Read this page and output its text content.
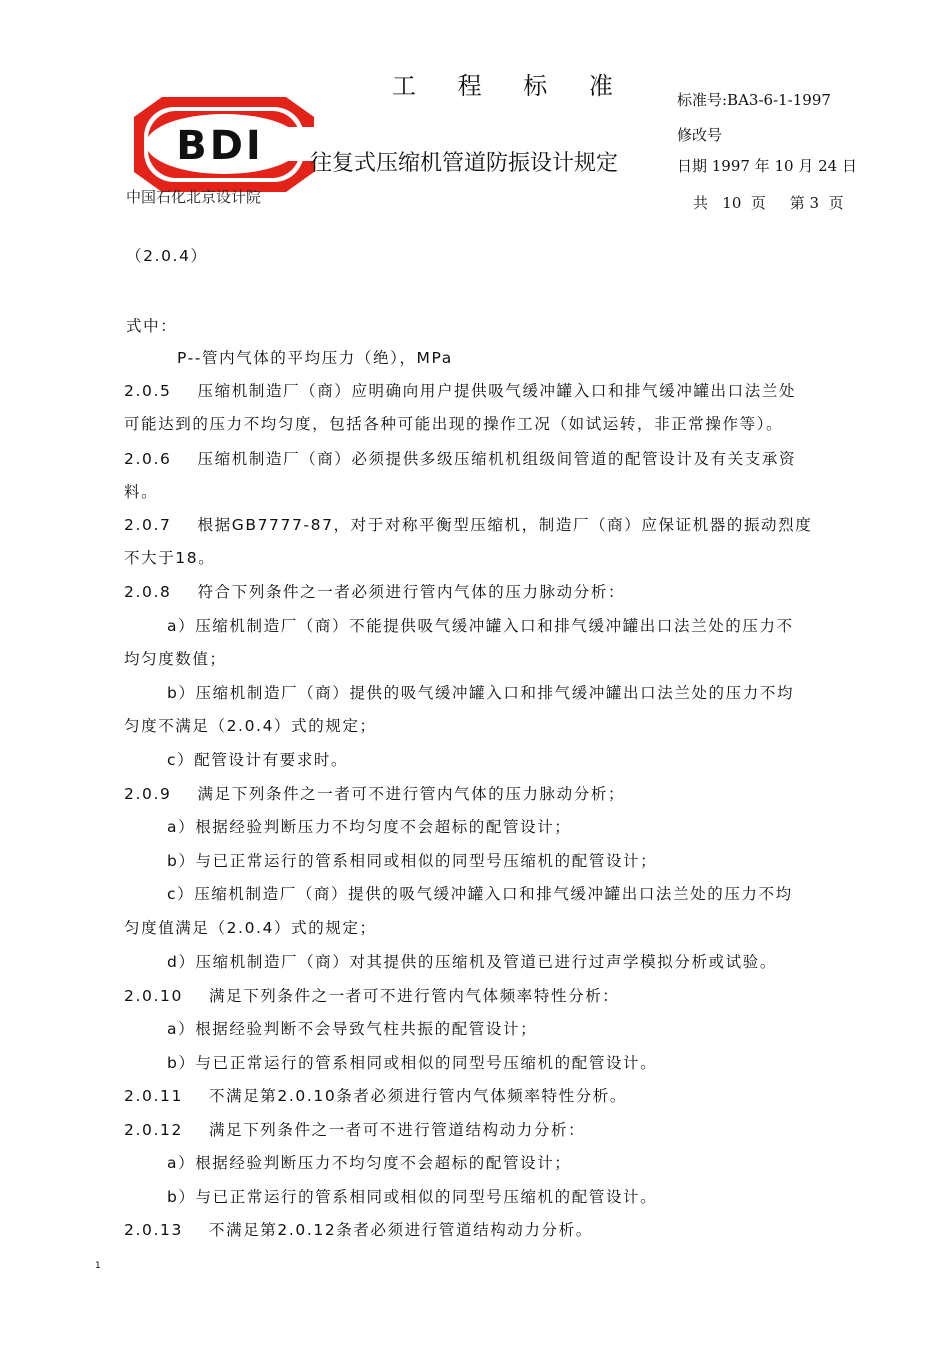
工 程 标 准	标准号:BA3-6-1-1997
修改号
日期 1997 年 10 月 24 日
共   10  页     第 3  页
BDI 往复式压缩机管道防振设计规定
中国石化北京设计院
（2.0.4）
式中：
P--管内气体的平均压力（绝），MPa
2.0.5    压缩机制造厂（商）应明确向用户提供吸气缓冲罐入口和排气缓冲罐出口法兰处
可能达到的压力不均匀度，包括各种可能出现的操作工况（如试运转，非正常操作等）。
2.0.6    压缩机制造厂（商）必须提供多级压缩机机组级间管道的配管设计及有关支承资
料。
2.0.7    根据GB7777-87，对于对称平衡型压缩机，制造厂（商）应保证机器的振动烈度
不大于18。
2.0.8    符合下列条件之一者必须进行管内气体的压力脉动分析：
a）压缩机制造厂（商）不能提供吸气缓冲罐入口和排气缓冲罐出口法兰处的压力不
均匀度数值；
b）压缩机制造厂（商）提供的吸气缓冲罐入口和排气缓冲罐出口法兰处的压力不均
匀度不满足（2.0.4）式的规定；
c）配管设计有要求时。
2.0.9    满足下列条件之一者可不进行管内气体的压力脉动分析；
a）根据经验判断压力不均匀度不会超标的配管设计；
b）与已正常运行的管系相同或相似的同型号压缩机的配管设计；
c）压缩机制造厂（商）提供的吸气缓冲罐入口和排气缓冲罐出口法兰处的压力不均
匀度值满足（2.0.4）式的规定；
d）压缩机制造厂（商）对其提供的压缩机及管道已进行过声学模拟分析或试验。
2.0.10    满足下列条件之一者可不进行管内气体频率特性分析：
a）根据经验判断不会导致气柱共振的配管设计；
b）与已正常运行的管系相同或相似的同型号压缩机的配管设计。
2.0.11    不满足第2.0.10条者必须进行管内气体频率特性分析。
2.0.12    满足下列条件之一者可不进行管道结构动力分析：
a）根据经验判断压力不均匀度不会超标的配管设计；
b）与已正常运行的管系相同或相似的同型号压缩机的配管设计。
2.0.13    不满足第2.0.12条者必须进行管道结构动力分析。
1
